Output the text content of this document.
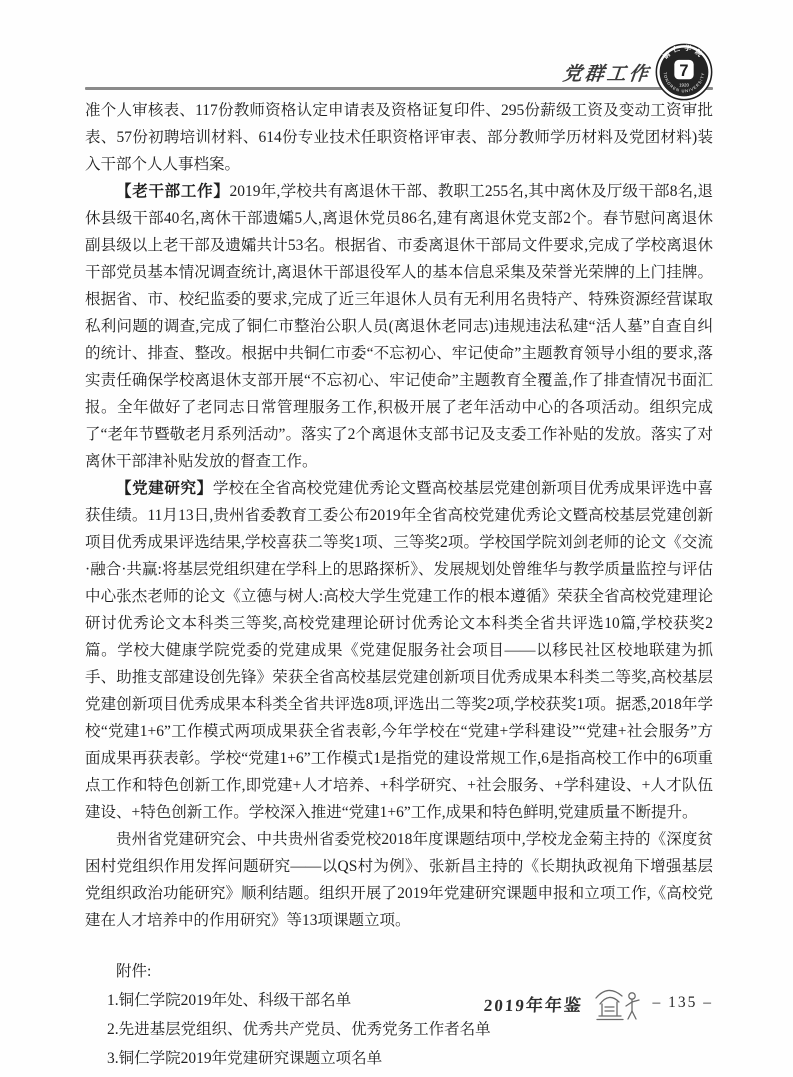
党群工作
铜仁学院
TONGREN UNIVERSITY
7
1920

准个人审核表、117份教师资格认定申请表及资格证复印件、295份薪级工资及变动工资审批表、57份初聘培训材料、614份专业技术任职资格评审表、部分教师学历材料及党团材料)装入干部个人人事档案。

【老干部工作】2019年,学校共有离退休干部、教职工255名,其中离休及厅级干部8名,退休县级干部40名,离休干部遗孀5人,离退休党员86名,建有离退休党支部2个。春节慰问离退休副县级以上老干部及遗孀共计53名。根据省、市委离退休干部局文件要求,完成了学校离退休干部党员基本情况调查统计,离退休干部退役军人的基本信息采集及荣誉光荣牌的上门挂牌。根据省、市、校纪监委的要求,完成了近三年退休人员有无利用名贵特产、特殊资源经营谋取私利问题的调查,完成了铜仁市整治公职人员(离退休老同志)违规违法私建“活人墓”自查自纠的统计、排查、整改。根据中共铜仁市委“不忘初心、牢记使命”主题教育领导小组的要求,落实责任确保学校离退休支部开展“不忘初心、牢记使命”主题教育全覆盖,作了排查情况书面汇报。全年做好了老同志日常管理服务工作,积极开展了老年活动中心的各项活动。组织完成了“老年节暨敬老月系列活动”。落实了2个离退休支部书记及支委工作补贴的发放。落实了对离休干部津补贴发放的督查工作。

【党建研究】学校在全省高校党建优秀论文暨高校基层党建创新项目优秀成果评选中喜获佳绩。11月13日,贵州省委教育工委公布2019年全省高校党建优秀论文暨高校基层党建创新项目优秀成果评选结果,学校喜获二等奖1项、三等奖2项。学校国学院刘剑老师的论文《交流·融合·共赢:将基层党组织建在学科上的思路探析》、发展规划处曾维华与教学质量监控与评估中心张杰老师的论文《立德与树人:高校大学生党建工作的根本遵循》荣获全省高校党建理论研讨优秀论文本科类三等奖,高校党建理论研讨优秀论文本科类全省共评选10篇,学校获奖2篇。学校大健康学院党委的党建成果《党建促服务社会项目——以移民社区校地联建为抓手、助推支部建设创先锋》荣获全省高校基层党建创新项目优秀成果本科类二等奖,高校基层党建创新项目优秀成果本科类全省共评选8项,评选出二等奖2项,学校获奖1项。据悉,2018年学校“党建1+6”工作模式两项成果获全省表彰,今年学校在“党建+学科建设”“党建+社会服务”方面成果再获表彰。学校“党建1+6”工作模式1是指党的建设常规工作,6是指高校工作中的6项重点工作和特色创新工作,即党建+人才培养、+科学研究、+社会服务、+学科建设、+人才队伍建设、+特色创新工作。学校深入推进“党建1+6”工作,成果和特色鲜明,党建质量不断提升。

贵州省党建研究会、中共贵州省委党校2018年度课题结项中,学校龙金菊主持的《深度贫困村党组织作用发挥问题研究——以QS村为例》、张新昌主持的《长期执政视角下增强基层党组织政治功能研究》顺利结题。组织开展了2019年党建研究课题申报和立项工作,《高校党建在人才培养中的作用研究》等13项课题立项。

附件:
1.铜仁学院2019年处、科级干部名单
2.先进基层党组织、优秀共产党员、优秀党务工作者名单
3.铜仁学院2019年党建研究课题立项名单
2019年年鉴	– 135 –
